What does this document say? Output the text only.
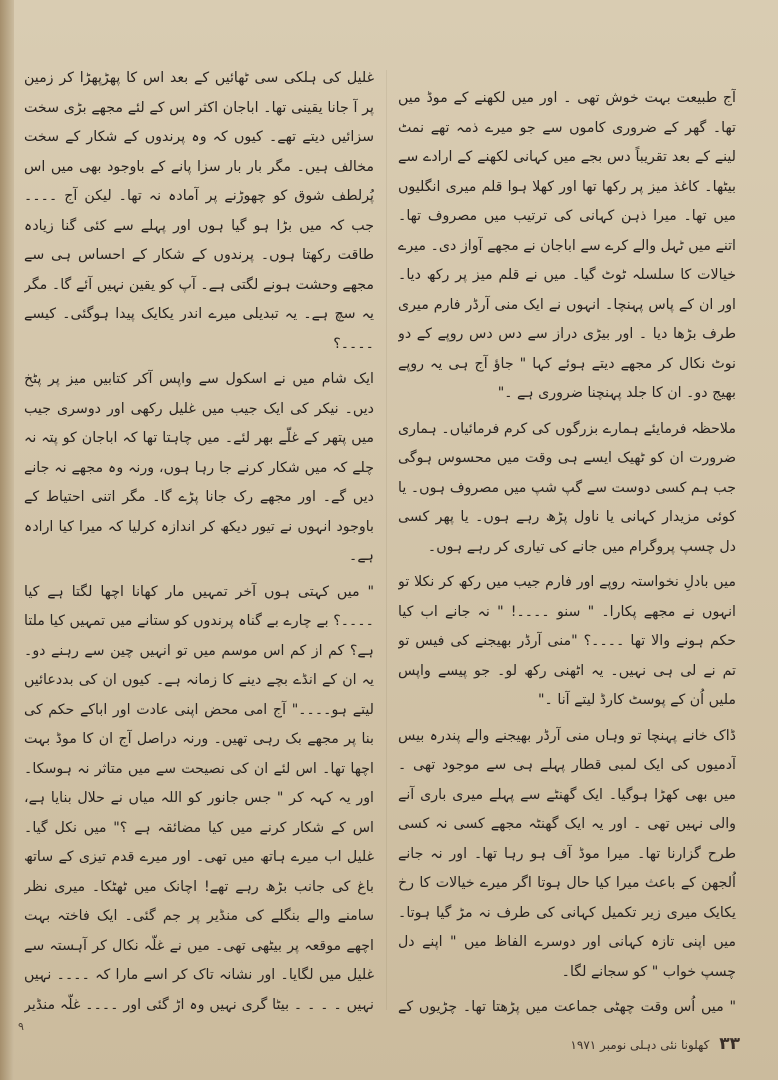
آج طبیعت بہت خوش تھی ۔ اور میں لکھنے کے موڈ میں تھا۔ گھر کے ضروری کاموں سے جو میرے ذمہ تھے نمٹ لینے کے بعد تقریباً دس بجے میں کہانی لکھنے کے ارادے سے بیٹھا۔ کاغذ میز پر رکھا تھا اور کھلا ہوا قلم میری انگلیوں میں تھا۔ میرا ذہن کہانی کی ترتیب میں مصروف تھا۔ اتنے میں ٹہل والے کرے سے اباجان نے مجھے آواز دی۔ میرے خیالات کا سلسلہ ٹوٹ گیا۔ میں نے قلم میز پر رکھ دیا۔ اور ان کے پاس پہنچا۔ انہوں نے ایک منی آرڈر فارم میری طرف بڑھا دیا ۔ اور بیڑی دراز سے دس دس روپے کے دو نوٹ نکال کر مجھے دیتے ہوئے کہا " جاؤ آج ہی یہ روپے بھیج دو۔ ان کا جلد پہنچنا ضروری ہے ۔"

ملاحظہ فرمایئے ہمارے بزرگوں کی کرم فرمائیاں۔ ہماری ضرورت ان کو ٹھیک ایسے ہی وقت میں محسوس ہوگی جب ہم کسی دوست سے گپ شپ میں مصروف ہوں۔ یا کوئی مزیدار کہانی یا ناول پڑھ رہے ہوں۔ یا پھر کسی دل چسپ پروگرام میں جانے کی تیاری کر رہے ہوں۔

میں بادلِ نخواستہ روپے اور فارم جیب میں رکھ کر نکلا تو انہوں نے مجھے پکارا۔ " سنو ۔۔۔۔! " نہ جانے اب کیا حکم ہونے والا تھا ۔۔۔۔؟ "منی آرڈر بھیجنے کی فیس تو تم نے لی ہی نہیں۔ یہ اٹھنی رکھ لو۔ جو پیسے واپس ملیں اُن کے پوسٹ کارڈ لیتے آنا ۔"

ڈاک خانے پہنچا تو وہاں منی آرڈر بھیجنے والے پندرہ بیس آدمیوں کی ایک لمبی قطار پہلے ہی سے موجود تھی ۔ میں بھی کھڑا ہوگیا۔ ایک گھنٹے سے پہلے میری باری آنے والی نہیں تھی ۔ اور یہ ایک گھنٹہ مجھے کسی نہ کسی طرح گزارنا تھا۔ میرا موڈ آف ہو رہا تھا۔ اور نہ جانے اُلجھن کے باعث میرا کیا حال ہوتا اگر میرے خیالات کا رخ یکایک میری زیر تکمیل کہانی کی طرف نہ مڑ گیا ہوتا۔ میں اپنی تازہ کہانی اور دوسرے الفاظ میں " اپنے دل چسپ خواب " کو سجانے لگا۔

" میں اُس وقت چھٹی جماعت میں پڑھتا تھا۔ چڑیوں کے

غلیل کی ہلکی سی ٹھائیں کے بعد اس کا پھڑپھڑا کر زمین پر آ جانا یقینی تھا۔ اباجان اکثر اس کے لئے مجھے بڑی سخت سزائیں دیتے تھے۔ کیوں کہ وہ پرندوں کے شکار کے سخت مخالف ہیں۔ مگر بار بار سزا پانے کے باوجود بھی میں اس پُرلطف شوق کو چھوڑنے پر آمادہ نہ تھا۔ لیکن آج ۔۔۔۔ جب کہ میں بڑا ہو گیا ہوں اور پہلے سے کئی گنا زیادہ طاقت رکھتا ہوں۔ پرندوں کے شکار کے احساس ہی سے مجھے وحشت ہونے لگتی ہے۔ آپ کو یقین نہیں آئے گا۔ مگر یہ سچ ہے۔ یہ تبدیلی میرے اندر یکایک پیدا ہوگئی۔ کیسے ۔۔۔۔؟

ایک شام میں نے اسکول سے واپس آکر کتابیں میز پر پٹخ دیں۔ نیکر کی ایک جیب میں غلیل رکھی اور دوسری جیب میں پتھر کے غلّے بھر لئے۔ میں چاہتا تھا کہ اباجان کو پتہ نہ چلے کہ میں شکار کرنے جا رہا ہوں، ورنہ وہ مجھے نہ جانے دیں گے۔ اور مجھے رک جانا پڑے گا۔ مگر اتنی احتیاط کے باوجود انہوں نے تیور دیکھ کر اندازہ کرلیا کہ میرا کیا ارادہ ہے۔

" میں کہتی ہوں آخر تمہیں مار کھانا اچھا لگتا ہے کیا ۔۔۔۔؟ بے چارے بے گناہ پرندوں کو ستانے میں تمہیں کیا ملتا ہے؟ کم از کم اس موسم میں تو انہیں چین سے رہنے دو۔ یہ ان کے انڈے بچے دینے کا زمانہ ہے۔ کیوں ان کی بددعائیں لیتے ہو۔۔۔۔" آج امی محض اپنی عادت اور اباکے حکم کی بنا پر مجھے بک رہی تھیں۔ ورنہ دراصل آج ان کا موڈ بہت اچھا تھا۔ اس لئے ان کی نصیحت سے میں متاثر نہ ہوسکا۔ اور یہ کہہ کر " جس جانور کو اللہ میاں نے حلال بنایا ہے، اس کے شکار کرنے میں کیا مضائقہ ہے ؟" میں نکل گیا۔ غلیل اب میرے ہاتھ میں تھی۔ اور میرے قدم تیزی کے ساتھ باغ کی جانب بڑھ رہے تھے! اچانک میں ٹھٹکا۔ میری نظر سامنے والے بنگلے کی منڈیر پر جم گئی۔ ایک فاختہ بہت اچھے موقعہ پر بیٹھی تھی۔ میں نے غلّہ نکال کر آہستہ سے غلیل میں لگایا۔ اور نشانہ تاک کر اسے مارا کہ ۔۔۔۔ نہیں نہیں ۔ ۔ ۔ ۔ بیٹا گری نہیں وہ اڑ گئی اور ۔۔۔۔ غلّہ منڈیر

۳۳ کھلونا نئی دہلی نومبر ۱۹۷۱
۹
